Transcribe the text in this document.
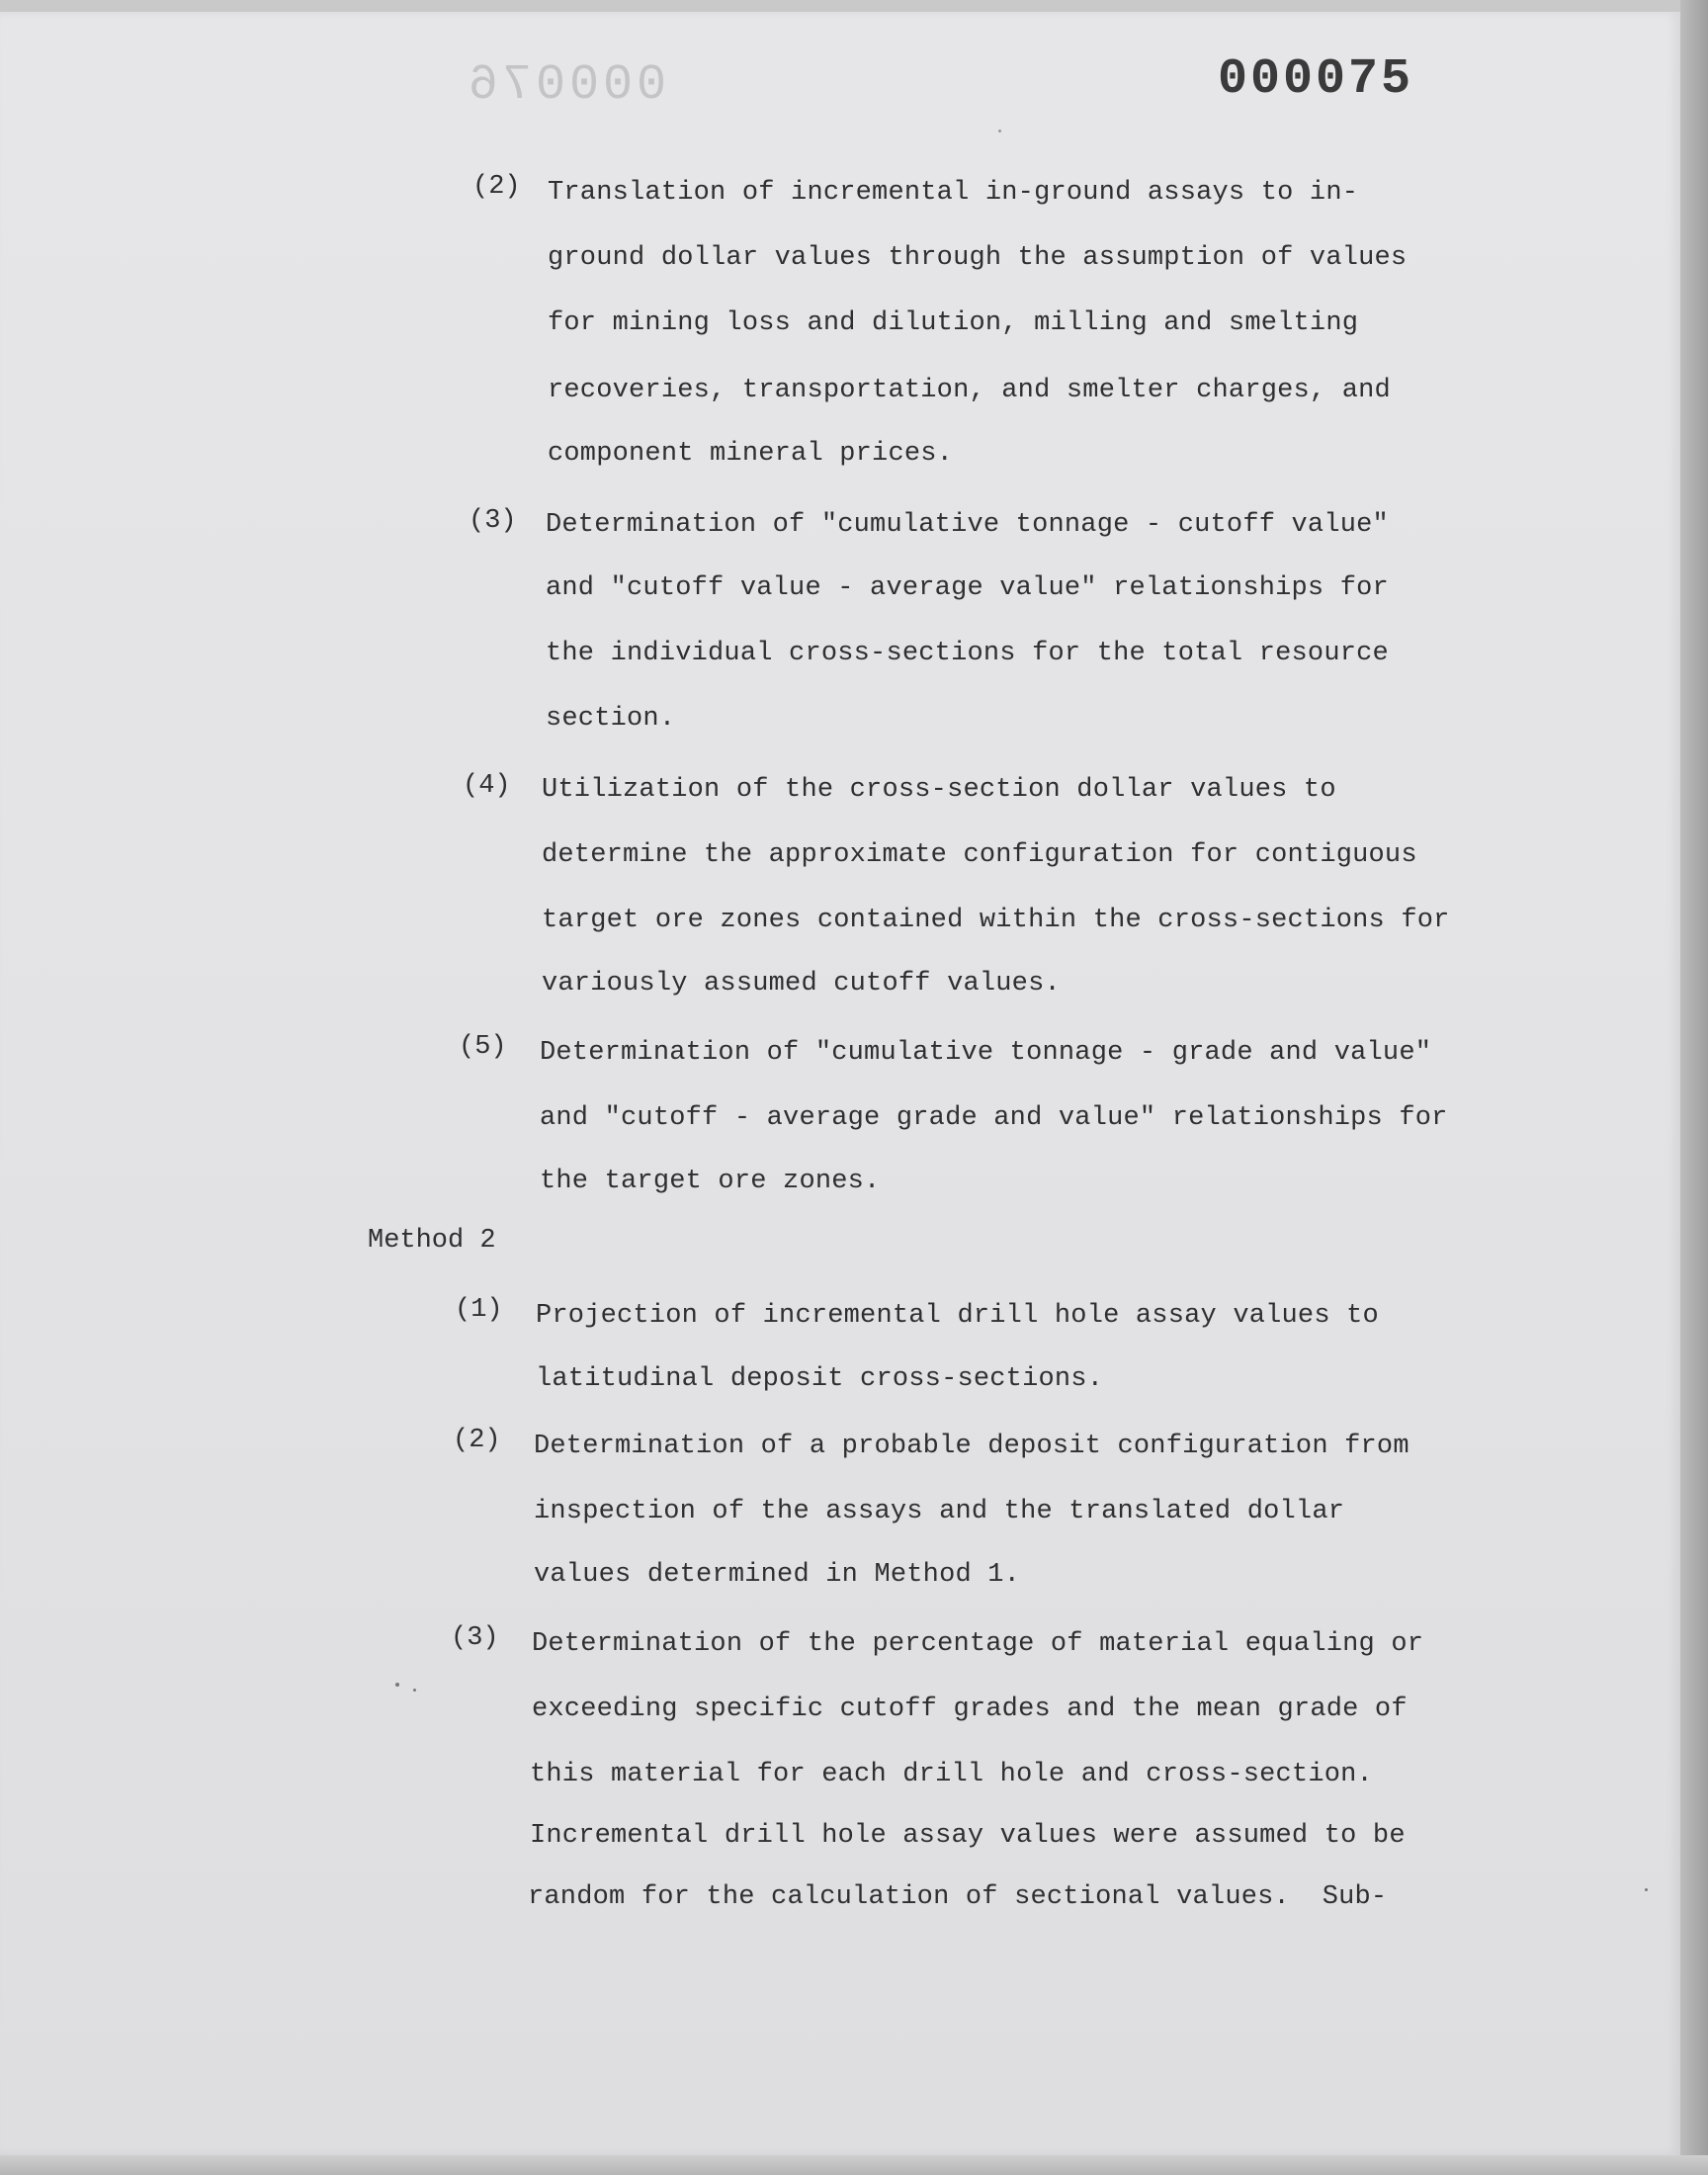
000076	000075
(2) Translation of incremental in-ground assays to in-
ground dollar values through the assumption of values
for mining loss and dilution, milling and smelting
recoveries, transportation, and smelter charges, and
component mineral prices.
(3) Determination of "cumulative tonnage - cutoff value"
and "cutoff value - average value" relationships for
the individual cross-sections for the total resource
section.
(4) Utilization of the cross-section dollar values to
determine the approximate configuration for contiguous
target ore zones contained within the cross-sections for
variously assumed cutoff values.
(5) Determination of "cumulative tonnage - grade and value"
and "cutoff - average grade and value" relationships for
the target ore zones.
Method 2
(1) Projection of incremental drill hole assay values to
latitudinal deposit cross-sections.
(2) Determination of a probable deposit configuration from
inspection of the assays and the translated dollar
values determined in Method 1.
(3) Determination of the percentage of material equaling or
exceeding specific cutoff grades and the mean grade of
this material for each drill hole and cross-section.
Incremental drill hole assay values were assumed to be
random for the calculation of sectional values.  Sub-
